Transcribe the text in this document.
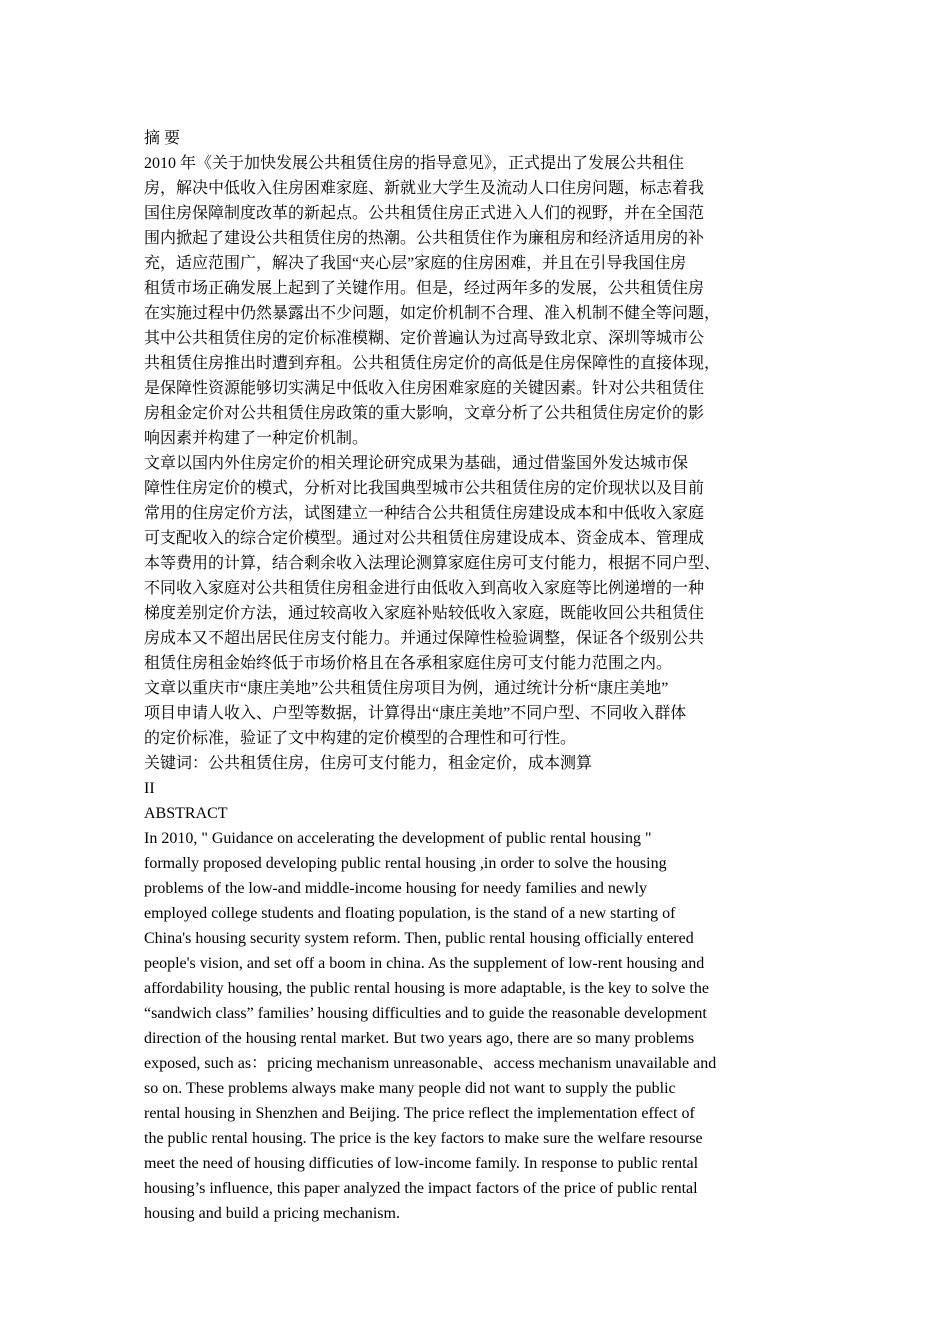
摘 要
2010 年《关于加快发展公共租赁住房的指导意见》，正式提出了发展公共租住
房，解决中低收入住房困难家庭、新就业大学生及流动人口住房问题，标志着我
国住房保障制度改革的新起点。公共租赁住房正式进入人们的视野，并在全国范
围内掀起了建设公共租赁住房的热潮。公共租赁住作为廉租房和经济适用房的补
充，适应范围广，解决了我国“夹心层”家庭的住房困难，并且在引导我国住房
租赁市场正确发展上起到了关键作用。但是，经过两年多的发展，公共租赁住房
在实施过程中仍然暴露出不少问题，如定价机制不合理、准入机制不健全等问题，
其中公共租赁住房的定价标准模糊、定价普遍认为过高导致北京、深圳等城市公
共租赁住房推出时遭到弃租。公共租赁住房定价的高低是住房保障性的直接体现，
是保障性资源能够切实满足中低收入住房困难家庭的关键因素。针对公共租赁住
房租金定价对公共租赁住房政策的重大影响，文章分析了公共租赁住房定价的影
响因素并构建了一种定价机制。
文章以国内外住房定价的相关理论研究成果为基础，通过借鉴国外发达城市保
障性住房定价的模式，分析对比我国典型城市公共租赁住房的定价现状以及目前
常用的住房定价方法，试图建立一种结合公共租赁住房建设成本和中低收入家庭
可支配收入的综合定价模型。通过对公共租赁住房建设成本、资金成本、管理成
本等费用的计算，结合剩余收入法理论测算家庭住房可支付能力，根据不同户型、
不同收入家庭对公共租赁住房租金进行由低收入到高收入家庭等比例递增的一种
梯度差别定价方法，通过较高收入家庭补贴较低收入家庭，既能收回公共租赁住
房成本又不超出居民住房支付能力。并通过保障性检验调整，保证各个级别公共
租赁住房租金始终低于市场价格且在各承租家庭住房可支付能力范围之内。
文章以重庆市“康庄美地”公共租赁住房项目为例，通过统计分析“康庄美地”
项目申请人收入、户型等数据，计算得出“康庄美地”不同户型、不同收入群体
的定价标准，验证了文中构建的定价模型的合理性和可行性。
关键词：公共租赁住房，住房可支付能力，租金定价，成本测算
II
ABSTRACT
In 2010, " Guidance on accelerating the development of public rental housing "
formally proposed developing public rental housing ,in order to solve the housing
problems of the low-and middle-income housing for needy families and newly
employed college students and floating population, is the stand of a new starting of
China's housing security system reform. Then, public rental housing officially entered
people's vision, and set off a boom in china. As the supplement of low-rent housing and
affordability housing, the public rental housing is more adaptable, is the key to solve the
“sandwich class” families’ housing difficulties and to guide the reasonable development
direction of the housing rental market. But two years ago, there are so many problems
exposed, such as：pricing mechanism unreasonable、access mechanism unavailable and
so on. These problems always make many people did not want to supply the public
rental housing in Shenzhen and Beijing. The price reflect the implementation effect of
the public rental housing. The price is the key factors to make sure the welfare resourse
meet the need of housing difficuties of low-income family. In response to public rental
housing’s influence, this paper analyzed the impact factors of the price of public rental
housing and build a pricing mechanism.
